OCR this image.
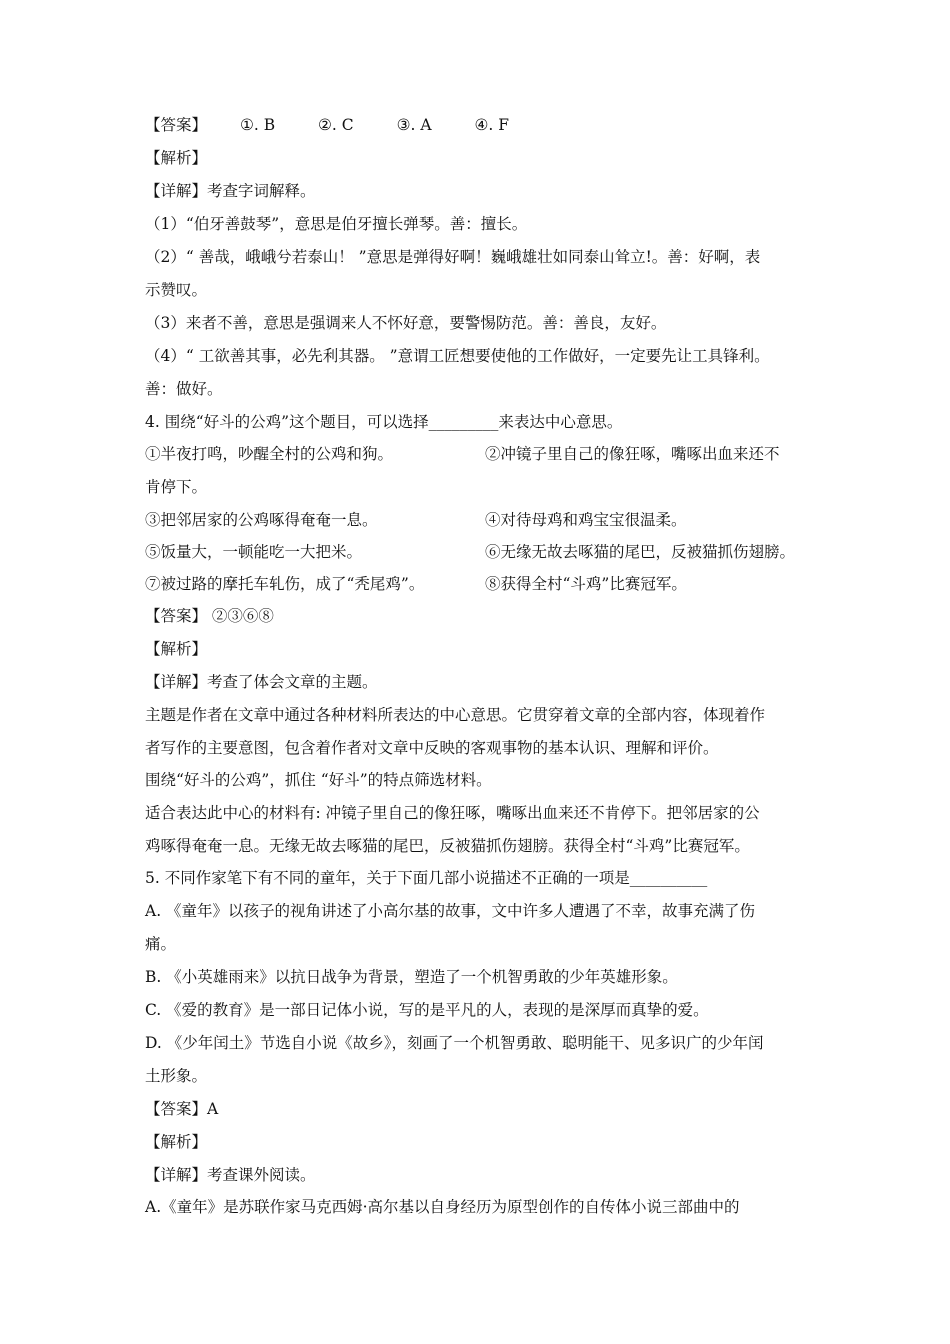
【答案】 ①. B	②. C	③. A	④. F
【解析】
【详解】考查字词解释。
（1）“伯牙善鼓琴”，意思是伯牙擅长弹琴。善：擅长。
（2）“ 善哉，峨峨兮若泰山！ ”意思是弹得好啊！巍峨雄壮如同泰山耸立!。善：好啊，表
示赞叹。
（3）来者不善，意思是强调来人不怀好意，要警惕防范。善：善良，友好。
（4）“ 工欲善其事，必先利其器。 ”意谓工匠想要使他的工作做好，一定要先让工具锋利。
善：做好。
4. 围绕“好斗的公鸡”这个题目，可以选择_________来表达中心意思。
①半夜打鸣，吵醒全村的公鸡和狗。	②冲镜子里自己的像狂啄，嘴啄出血来还不
肯停下。
③把邻居家的公鸡啄得奄奄一息。	④对待母鸡和鸡宝宝很温柔。
⑤饭量大，一顿能吃一大把米。	⑥无缘无故去啄猫的尾巴，反被猫抓伤翅膀。
⑦被过路的摩托车轧伤，成了“秃尾鸡”。	⑧获得全村“斗鸡”比赛冠军。
【答案】 ②③⑥⑧
【解析】
【详解】考查了体会文章的主题。
主题是作者在文章中通过各种材料所表达的中心意思。它贯穿着文章的全部内容，体现着作
者写作的主要意图，包含着作者对文章中反映的客观事物的基本认识、理解和评价。
围绕“好斗的公鸡”，抓住 “好斗”的特点筛选材料。
适合表达此中心的材料有: 冲镜子里自己的像狂啄，嘴啄出血来还不肯停下。把邻居家的公
鸡啄得奄奄一息。无缘无故去啄猫的尾巴，反被猫抓伤翅膀。获得全村“斗鸡”比赛冠军。
5. 不同作家笔下有不同的童年，关于下面几部小说描述不正确的一项是__________
A. 《童年》以孩子的视角讲述了小高尔基的故事，文中许多人遭遇了不幸，故事充满了伤
痛。
B. 《小英雄雨来》以抗日战争为背景，塑造了一个机智勇敢的少年英雄形象。
C. 《爱的教育》是一部日记体小说，写的是平凡的人，表现的是深厚而真挚的爱。
D. 《少年闰土》节选自小说《故乡》，刻画了一个机智勇敢、聪明能干、见多识广的少年闰
土形象。
【答案】A
【解析】
【详解】考查课外阅读。
A.《童年》是苏联作家马克西姆·高尔基以自身经历为原型创作的自传体小说三部曲中的
